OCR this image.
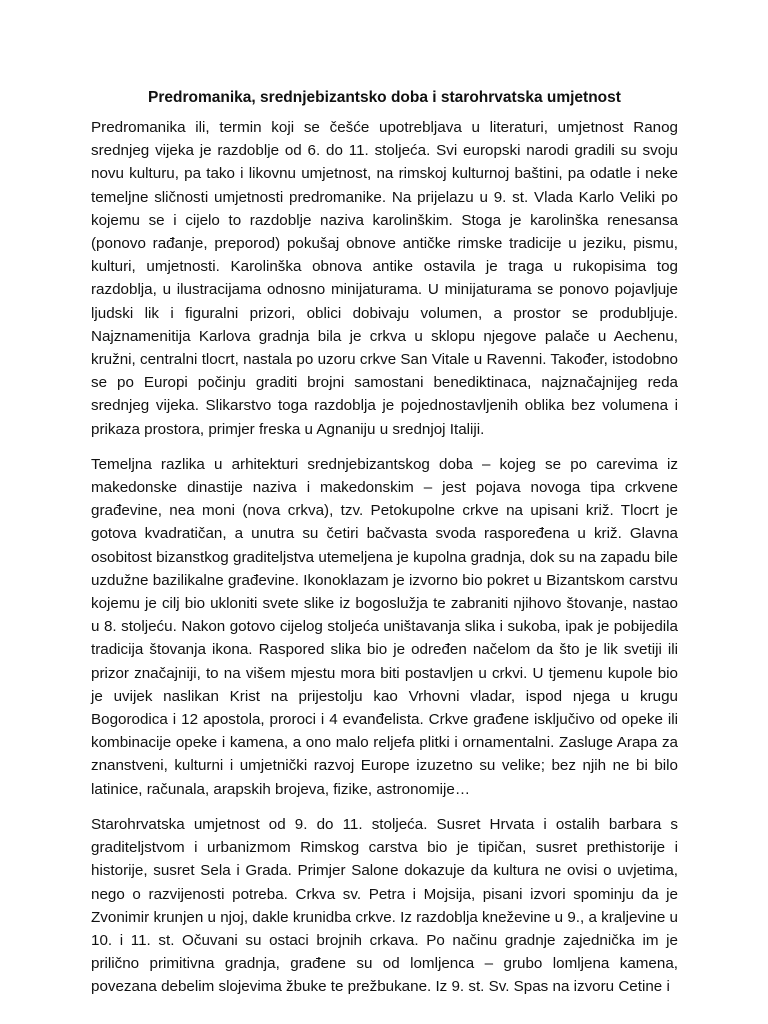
Predromanika, srednjebizantsko doba i starohrvatska umjetnost

Predromanika ili, termin koji se češće upotrebljava u literaturi, umjetnost Ranog srednjeg vijeka je razdoblje od 6. do 11. stoljeća. Svi europski narodi gradili su svoju novu kulturu, pa tako i likovnu umjetnost, na rimskoj kulturnoj baštini, pa odatle i neke temeljne sličnosti umjetnosti predromanike. Na prijelazu u 9. st. Vlada Karlo Veliki po kojemu se i cijelo to razdoblje naziva karolinškim. Stoga je karolinška renesansa (ponovo rađanje, preporod) pokušaj obnove antičke rimske tradicije u jeziku, pismu, kulturi, umjetnosti. Karolinška obnova antike ostavila je traga u rukopisima tog razdoblja, u ilustracijama odnosno minijaturama. U minijaturama se ponovo pojavljuje ljudski lik i figuralni prizori, oblici dobivaju volumen, a prostor se produbljuje. Najznamenitija Karlova gradnja bila je crkva u sklopu njegove palače u Aechenu, kružni, centralni tlocrt, nastala po uzoru crkve San Vitale u Ravenni. Također, istodobno se po Europi počinju graditi brojni samostani benediktinaca, najznačajnijeg reda srednjeg vijeka. Slikarstvo toga razdoblja je pojednostavljenih oblika bez volumena i prikaza prostora, primjer freska u Agnaniju u srednjoj Italiji.

Temeljna razlika u arhitekturi srednjebizantskog doba – kojeg se po carevima iz makedonske dinastije naziva i makedonskim – jest pojava novoga tipa crkvene građevine, nea moni (nova crkva), tzv. Petokupolne crkve na upisani križ. Tlocrt je gotova kvadratičan, a unutra su četiri bačvasta svoda raspoređena u križ. Glavna osobitost bizanstkog graditeljstva utemeljena je kupolna gradnja, dok su na zapadu bile uzdužne bazilikalne građevine. Ikonoklazam je izvorno bio pokret u Bizantskom carstvu kojemu je cilj bio ukloniti svete slike iz bogoslužja te zabraniti njihovo štovanje, nastao u 8. stoljeću. Nakon gotovo cijelog stoljeća uništavanja slika i sukoba, ipak je pobijedila tradicija štovanja ikona. Raspored slika bio je određen načelom da što je lik svetiji ili prizor značajniji, to na višem mjestu mora biti postavljen u crkvi. U tjemenu kupole bio je uvijek naslikan Krist na prijestolju kao Vrhovni vladar, ispod njega u krugu Bogorodica i 12 apostola, proroci i 4 evanđelista. Crkve građene isključivo od opeke ili kombinacije opeke i kamena, a ono malo reljefa plitki i ornamentalni. Zasluge Arapa za znanstveni, kulturni i umjetnički razvoj Europe izuzetno su velike; bez njih ne bi bilo latinice, računala, arapskih brojeva, fizike, astronomije…

Starohrvatska umjetnost od 9. do 11. stoljeća. Susret Hrvata i ostalih barbara s graditeljstvom i urbanizmom Rimskog carstva bio je tipičan, susret prethistorije i historije, susret Sela i Grada. Primjer Salone dokazuje da kultura ne ovisi o uvjetima, nego o razvijenosti potreba. Crkva sv. Petra i Mojsija, pisani izvori spominju da je Zvonimir krunjen u njoj, dakle krunidba crkve. Iz razdoblja kneževine u 9., a kraljevine u 10. i 11. st. Očuvani su ostaci brojnih crkava. Po načinu gradnje zajednička im je prilično primitivna gradnja, građene su od lomljenca – grubo lomljena kamena, povezana debelim slojevima žbuke te prežbukane. Iz 9. st. Sv. Spas na izvoru Cetine i
